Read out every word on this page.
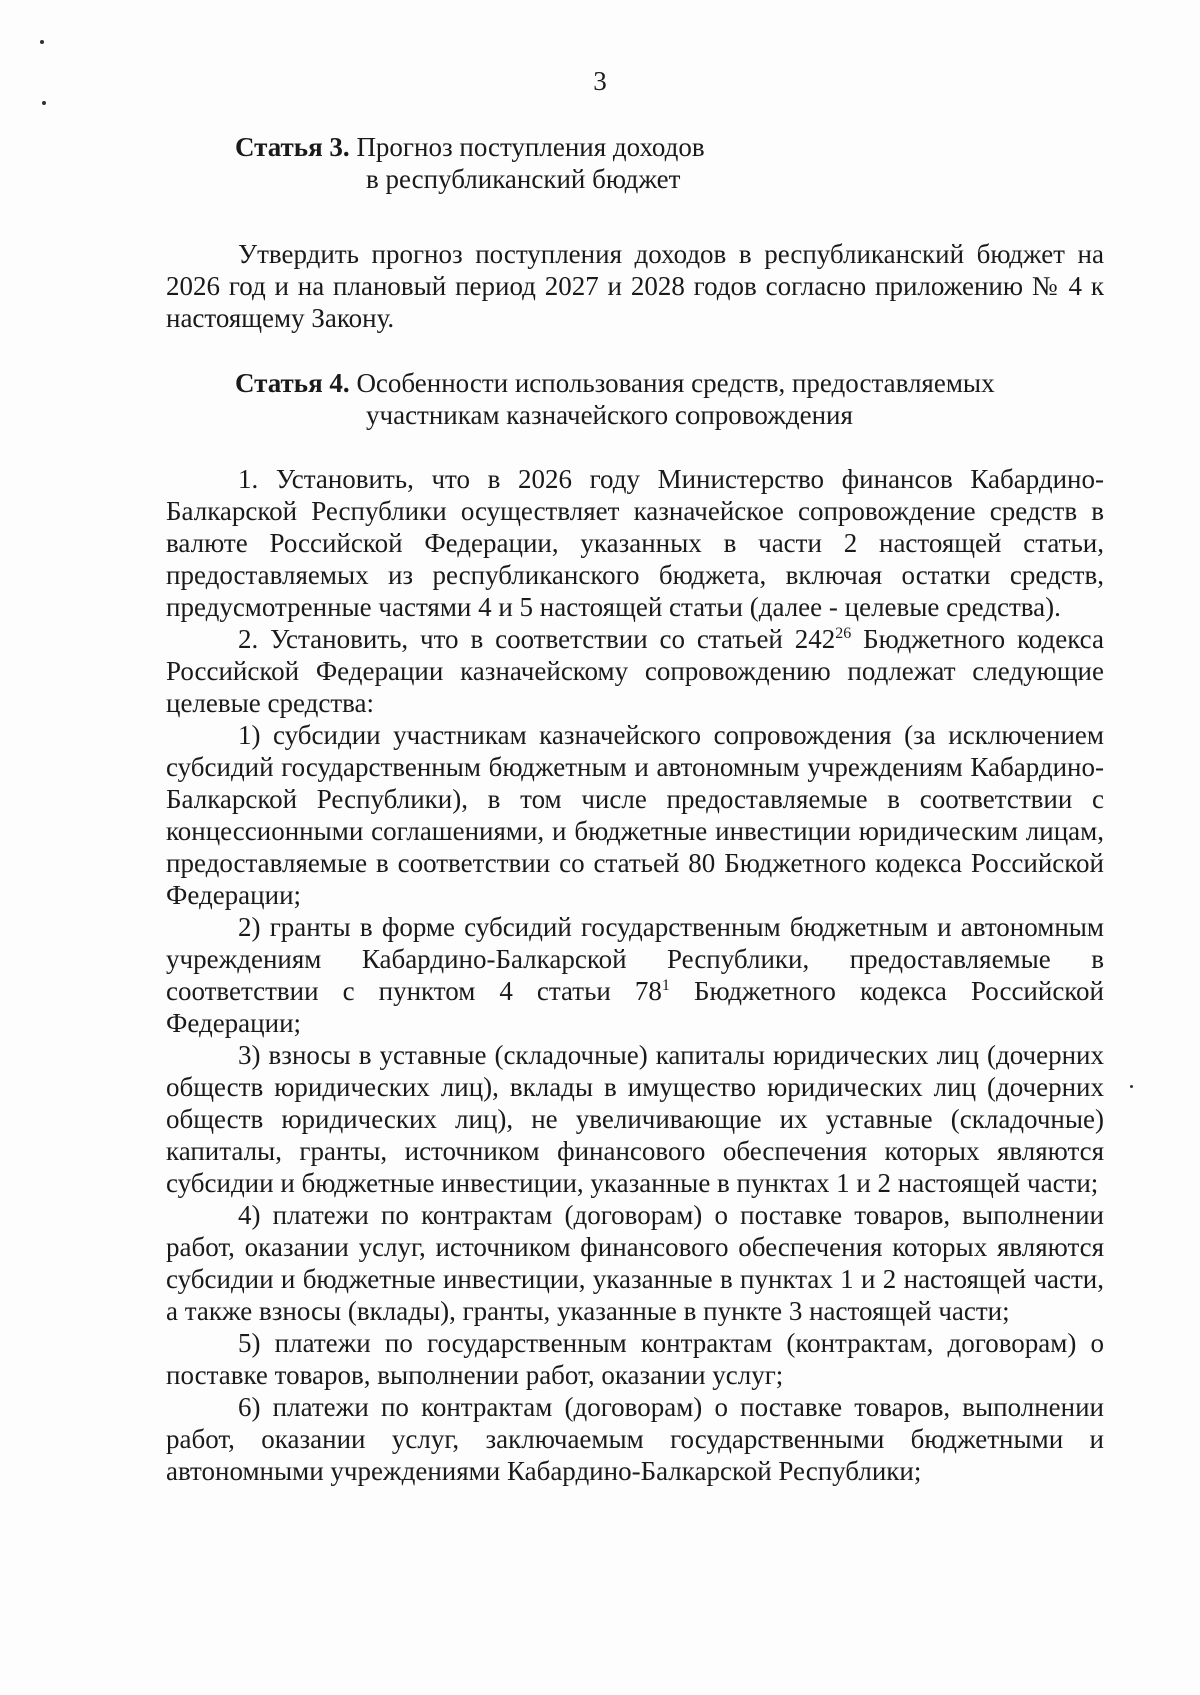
3
Статья 3. Прогноз поступления доходов
в республиканский бюджет

Утвердить прогноз поступления доходов в республиканский бюджет на 2026 год и на плановый период 2027 и 2028 годов согласно приложению № 4 к настоящему Закону.

Статья 4. Особенности использования средств, предоставляемых
участникам казначейского сопровождения

1. Установить, что в 2026 году Министерство финансов Кабардино-Балкарской Республики осуществляет казначейское сопровождение средств в валюте Российской Федерации, указанных в части 2 настоящей статьи, предоставляемых из республиканского бюджета, включая остатки средств, предусмотренные частями 4 и 5 настоящей статьи (далее - целевые средства).

2. Установить, что в соответствии со статьей $242^{26}$ Бюджетного кодекса Российской Федерации казначейскому сопровождению подлежат следующие целевые средства:

1) субсидии участникам казначейского сопровождения (за исключением субсидий государственным бюджетным и автономным учреждениям Кабардино-Балкарской Республики), в том числе предоставляемые в соответствии с концессионными соглашениями, и бюджетные инвестиции юридическим лицам, предоставляемые в соответствии со статьей 80 Бюджетного кодекса Российской Федерации;

2) гранты в форме субсидий государственным бюджетным и автономным учреждениям Кабардино-Балкарской Республики, предоставляемые в соответствии с пунктом 4 статьи $78^1$ Бюджетного кодекса Российской Федерации;

3) взносы в уставные (складочные) капиталы юридических лиц (дочерних обществ юридических лиц), вклады в имущество юридических лиц (дочерних обществ юридических лиц), не увеличивающие их уставные (складочные) капиталы, гранты, источником финансового обеспечения которых являются субсидии и бюджетные инвестиции, указанные в пунктах 1 и 2 настоящей части;

4) платежи по контрактам (договорам) о поставке товаров, выполнении работ, оказании услуг, источником финансового обеспечения которых являются субсидии и бюджетные инвестиции, указанные в пунктах 1 и 2 настоящей части, а также взносы (вклады), гранты, указанные в пункте 3 настоящей части;

5) платежи по государственным контрактам (контрактам, договорам) о поставке товаров, выполнении работ, оказании услуг;

6) платежи по контрактам (договорам) о поставке товаров, выполнении работ, оказании услуг, заключаемым государственными бюджетными и автономными учреждениями Кабардино-Балкарской Республики;
